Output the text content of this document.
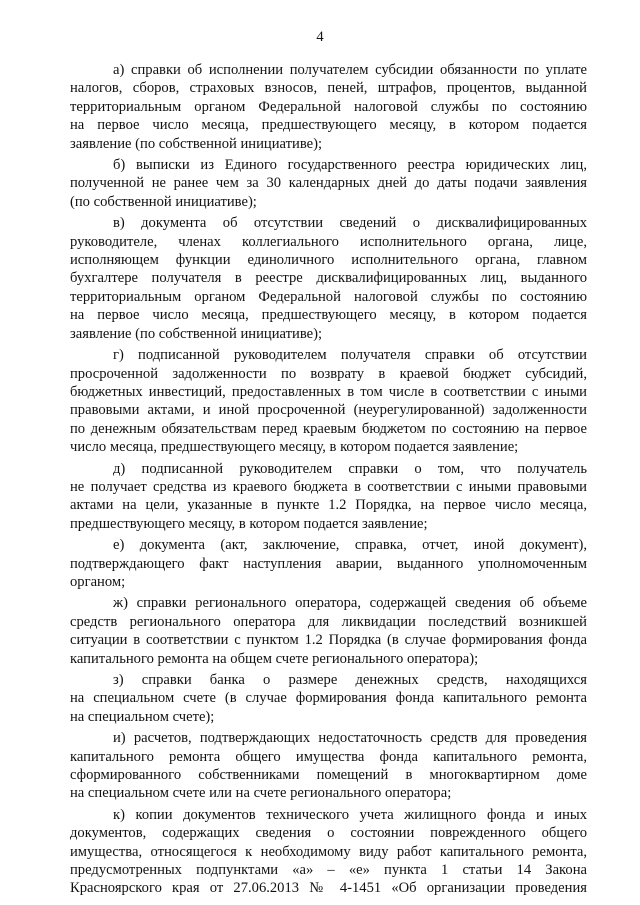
4
а) справки об исполнении получателем субсидии обязанности по уплате
налогов, сборов, страховых взносов, пеней, штрафов, процентов, выданной
территориальным органом Федеральной налоговой службы по состоянию
на первое число месяца, предшествующего месяцу, в котором подается
заявление (по собственной инициативе);
б) выписки из Единого государственного реестра юридических лиц,
полученной не ранее чем за 30 календарных дней до даты подачи заявления
(по собственной инициативе);
в) документа об отсутствии сведений о дисквалифицированных
руководителе, членах коллегиального исполнительного органа, лице,
исполняющем функции единоличного исполнительного органа, главном
бухгалтере получателя в реестре дисквалифицированных лиц, выданного
территориальным органом Федеральной налоговой службы по состоянию
на первое число месяца, предшествующего месяцу, в котором подается
заявление (по собственной инициативе);
г) подписанной руководителем получателя справки об отсутствии
просроченной задолженности по возврату в краевой бюджет субсидий,
бюджетных инвестиций, предоставленных в том числе в соответствии с иными
правовыми актами, и иной просроченной (неурегулированной) задолженности
по денежным обязательствам перед краевым бюджетом по состоянию на первое
число месяца, предшествующего месяцу, в котором подается заявление;
д) подписанной руководителем справки о том, что получатель
не получает средства из краевого бюджета в соответствии с иными правовыми
актами на цели, указанные в пункте 1.2 Порядка, на первое число месяца,
предшествующего месяцу, в котором подается заявление;
е) документа (акт, заключение, справка, отчет, иной документ),
подтверждающего факт наступления аварии, выданного уполномоченным
органом;
ж) справки регионального оператора, содержащей сведения об объеме
средств регионального оператора для ликвидации последствий возникшей
ситуации в соответствии с пунктом 1.2 Порядка (в случае формирования фонда
капитального ремонта на общем счете регионального оператора);
з) справки банка о размере денежных средств, находящихся
на специальном счете (в случае формирования фонда капитального ремонта
на специальном счете);
и) расчетов, подтверждающих недостаточность средств для проведения
капитального ремонта общего имущества фонда капитального ремонта,
сформированного собственниками помещений в многоквартирном доме
на специальном счете или на счете регионального оператора;
к) копии документов технического учета жилищного фонда и иных
документов, содержащих сведения о состоянии поврежденного общего
имущества, относящегося к необходимому виду работ капитального ремонта,
предусмотренных подпунктами «а» – «е» пункта 1 статьи 14 Закона
Красноярского края от 27.06.2013 № 4-1451 «Об организации проведения
